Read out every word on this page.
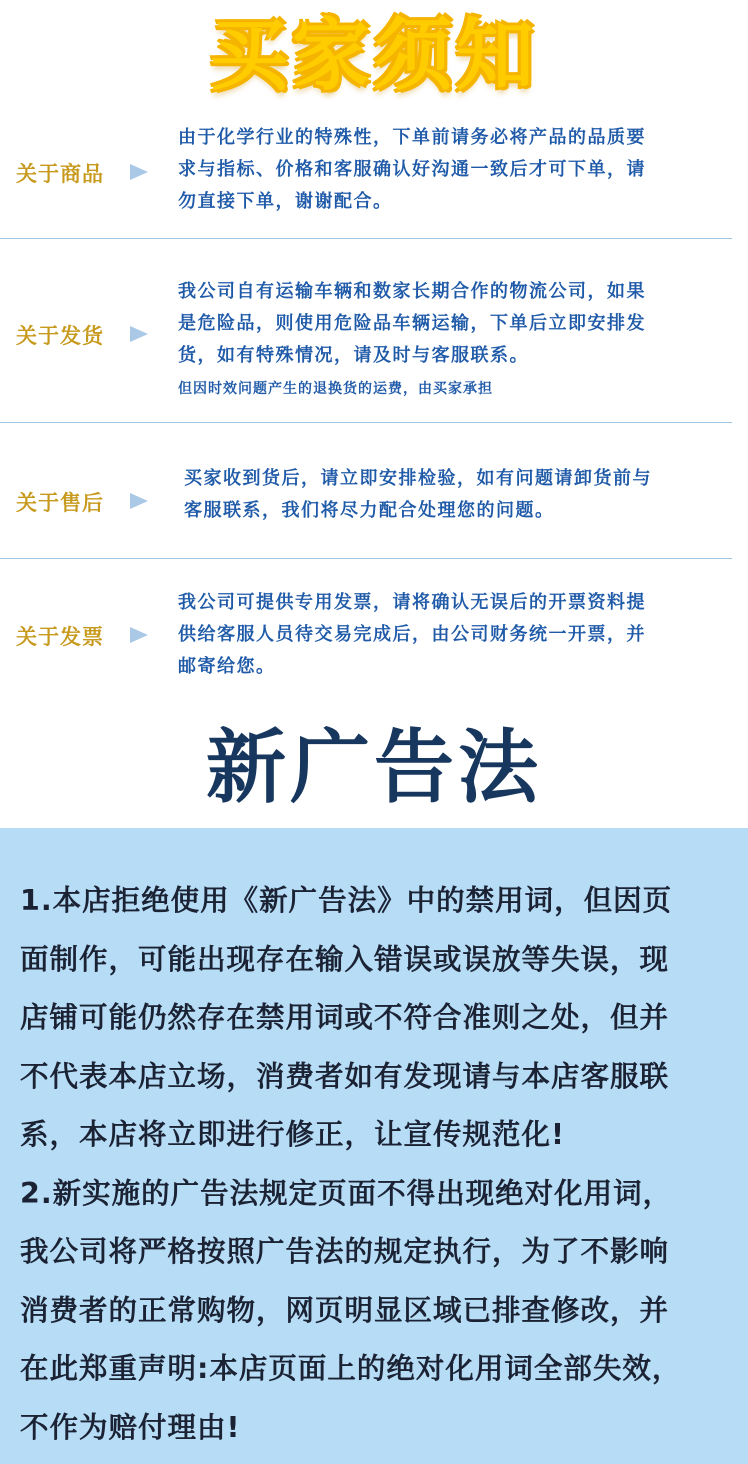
买家须知
关于商品
由于化学行业的特殊性，下单前请务必将产品的品质要
求与指标、价格和客服确认好沟通一致后才可下单，请
勿直接下单，谢谢配合。
关于发货
我公司自有运输车辆和数家长期合作的物流公司，如果
是危险品，则使用危险品车辆运输，下单后立即安排发
货，如有特殊情况，请及时与客服联系。
但因时效问题产生的退换货的运费，由买家承担
关于售后
买家收到货后，请立即安排检验，如有问题请卸货前与
客服联系，我们将尽力配合处理您的问题。
关于发票
我公司可提供专用发票，请将确认无误后的开票资料提
供给客服人员待交易完成后，由公司财务统一开票，并
邮寄给您。
新广告法

1.本店拒绝使用《新广告法》中的禁用词，但因页
面制作，可能出现存在输入错误或误放等失误，现
店铺可能仍然存在禁用词或不符合准则之处，但并
不代表本店立场，消费者如有发现请与本店客服联
系，本店将立即进行修正，让宣传规范化!

2.新实施的广告法规定页面不得出现绝对化用词，
我公司将严格按照广告法的规定执行，为了不影响
消费者的正常购物，网页明显区域已排查修改，并
在此郑重声明:本店页面上的绝对化用词全部失效，
不作为赔付理由!
